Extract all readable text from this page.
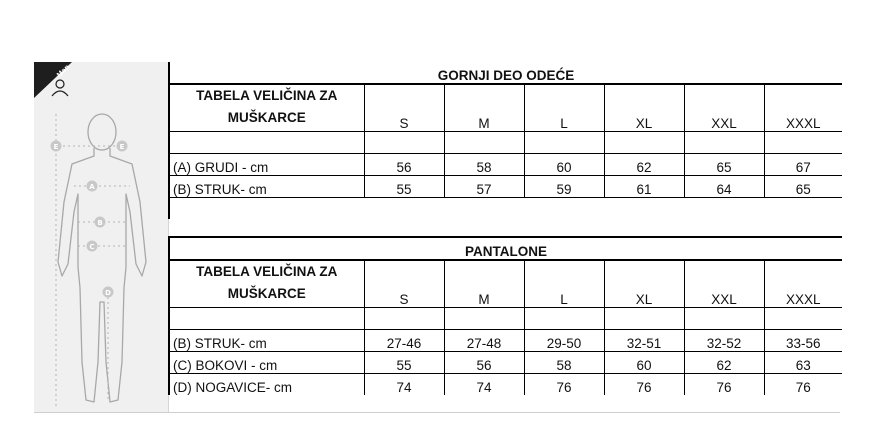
Man
E	E
A
B
C
D
GORNJI DEO ODEĆE						
TABELA VELIČINA ZA
MUŠKARCE	S	M	L	XL	XXL	XXXL

(A) GRUDI - cm	56	58	60	62	65	67
(B) STRUK- cm	55	57	59	61	64	65

PANTALONE						
TABELA VELIČINA ZA
MUŠKARCE	S	M	L	XL	XXL	XXXL

(B) STRUK- cm	27-46	27-48	29-50	32-51	32-52	33-56
(C) BOKOVI - cm	55	56	58	60	62	63
(D) NOGAVICE- cm	74	74	76	76	76	76
